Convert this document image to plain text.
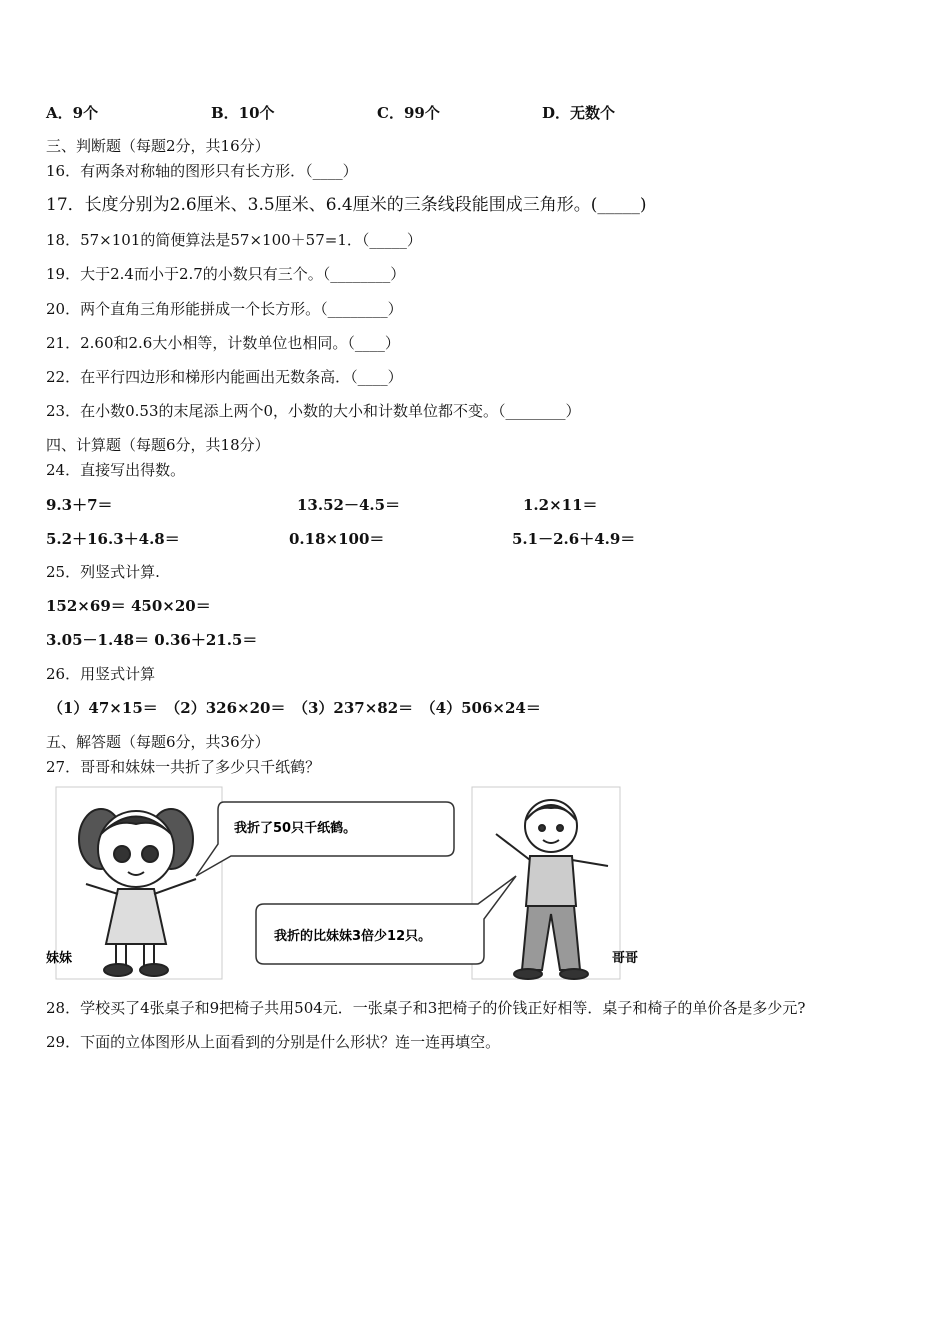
A．9个	B．10个	C．99个	D．无数个
三、判断题（每题2分，共16分）
16．有两条对称轴的图形只有长方形．（____）
17．长度分别为2.6厘米、3.5厘米、6.4厘米的三条线段能围成三角形。(_____)
18．57×101的简便算法是57×100＋57=1．（_____）
19．大于2.4而小于2.7的小数只有三个。（________）
20．两个直角三角形能拼成一个长方形。（________）
21．2.60和2.6大小相等，计数单位也相同。（____）
22．在平行四边形和梯形内能画出无数条高．（____）
23．在小数0.53的末尾添上两个0，小数的大小和计数单位都不变。（________）
四、计算题（每题6分，共18分）
24．直接写出得数。
9.3＋7＝	13.52－4.5＝	1.2×11＝
5.2＋16.3＋4.8＝	0.18×100＝	5.1－2.6＋4.9＝
25．列竖式计算.
152×69＝ 450×20＝
3.05－1.48＝ 0.36＋21.5＝
26．用竖式计算
（1）47×15＝　（2）326×20＝　（3）237×82＝　（4）506×24＝
五、解答题（每题6分，共36分）
27．哥哥和妹妹一共折了多少只千纸鹤？
我折了50只千纸鹤。
我折的比妹妹3倍少12只。
妹妹	哥哥
28．学校买了4张桌子和9把椅子共用504元．一张桌子和3把椅子的价钱正好相等．桌子和椅子的单价各是多少元?
29．下面的立体图形从上面看到的分别是什么形状？连一连再填空。
